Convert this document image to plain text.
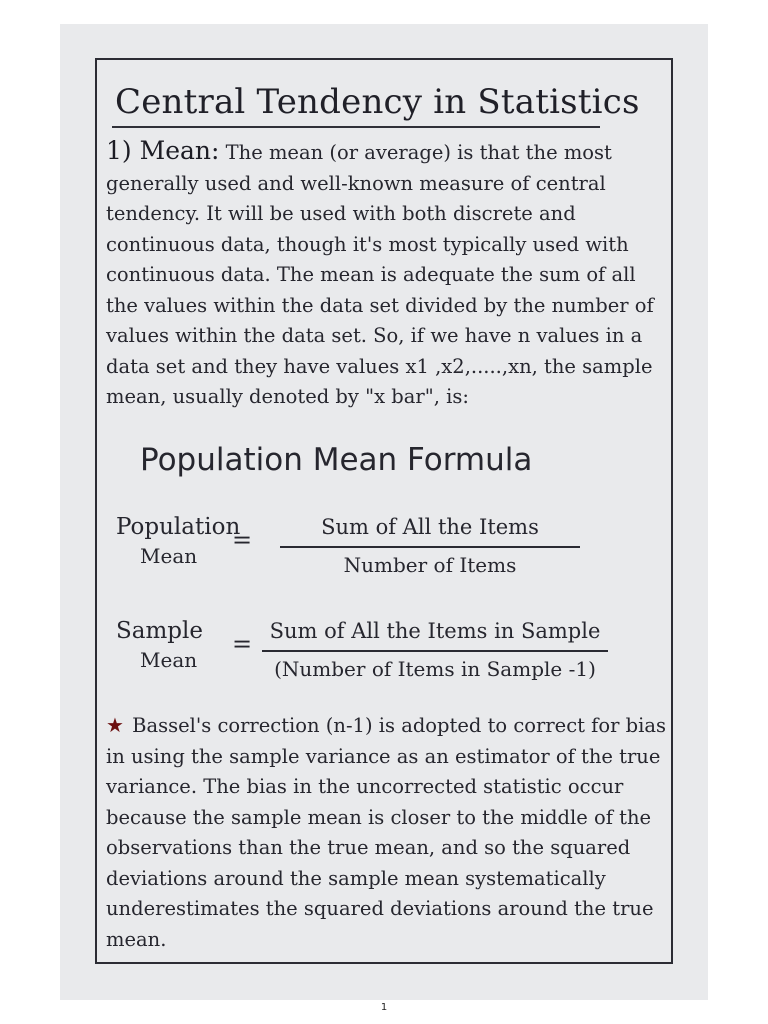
Central Tendency in Statistics

1) Mean: The mean (or average) is that the most generally used and well-known measure of central tendency. It will be used with both discrete and continuous data, though it's most typically used with continuous data. The mean is adequate the sum of all the values within the data set divided by the number of values within the data set. So, if we have n values in a data set and they have values x1 ,x2,.....,xn, the sample mean, usually denoted by "x bar", is:

Population Mean Formula
Population
Mean
=	Sum of All the Items
Number of Items
Sample
Mean
= Sum of All the Items in Sample
(Number of Items in Sample -1)

★ Bassel's correction (n-1) is adopted to correct for bias in using the sample variance as an estimator of the true variance. The bias in the uncorrected statistic occur because the sample mean is closer to the middle of the observations than the true mean, and so the squared deviations around the sample mean systematically underestimates the squared deviations around the true mean.

1
